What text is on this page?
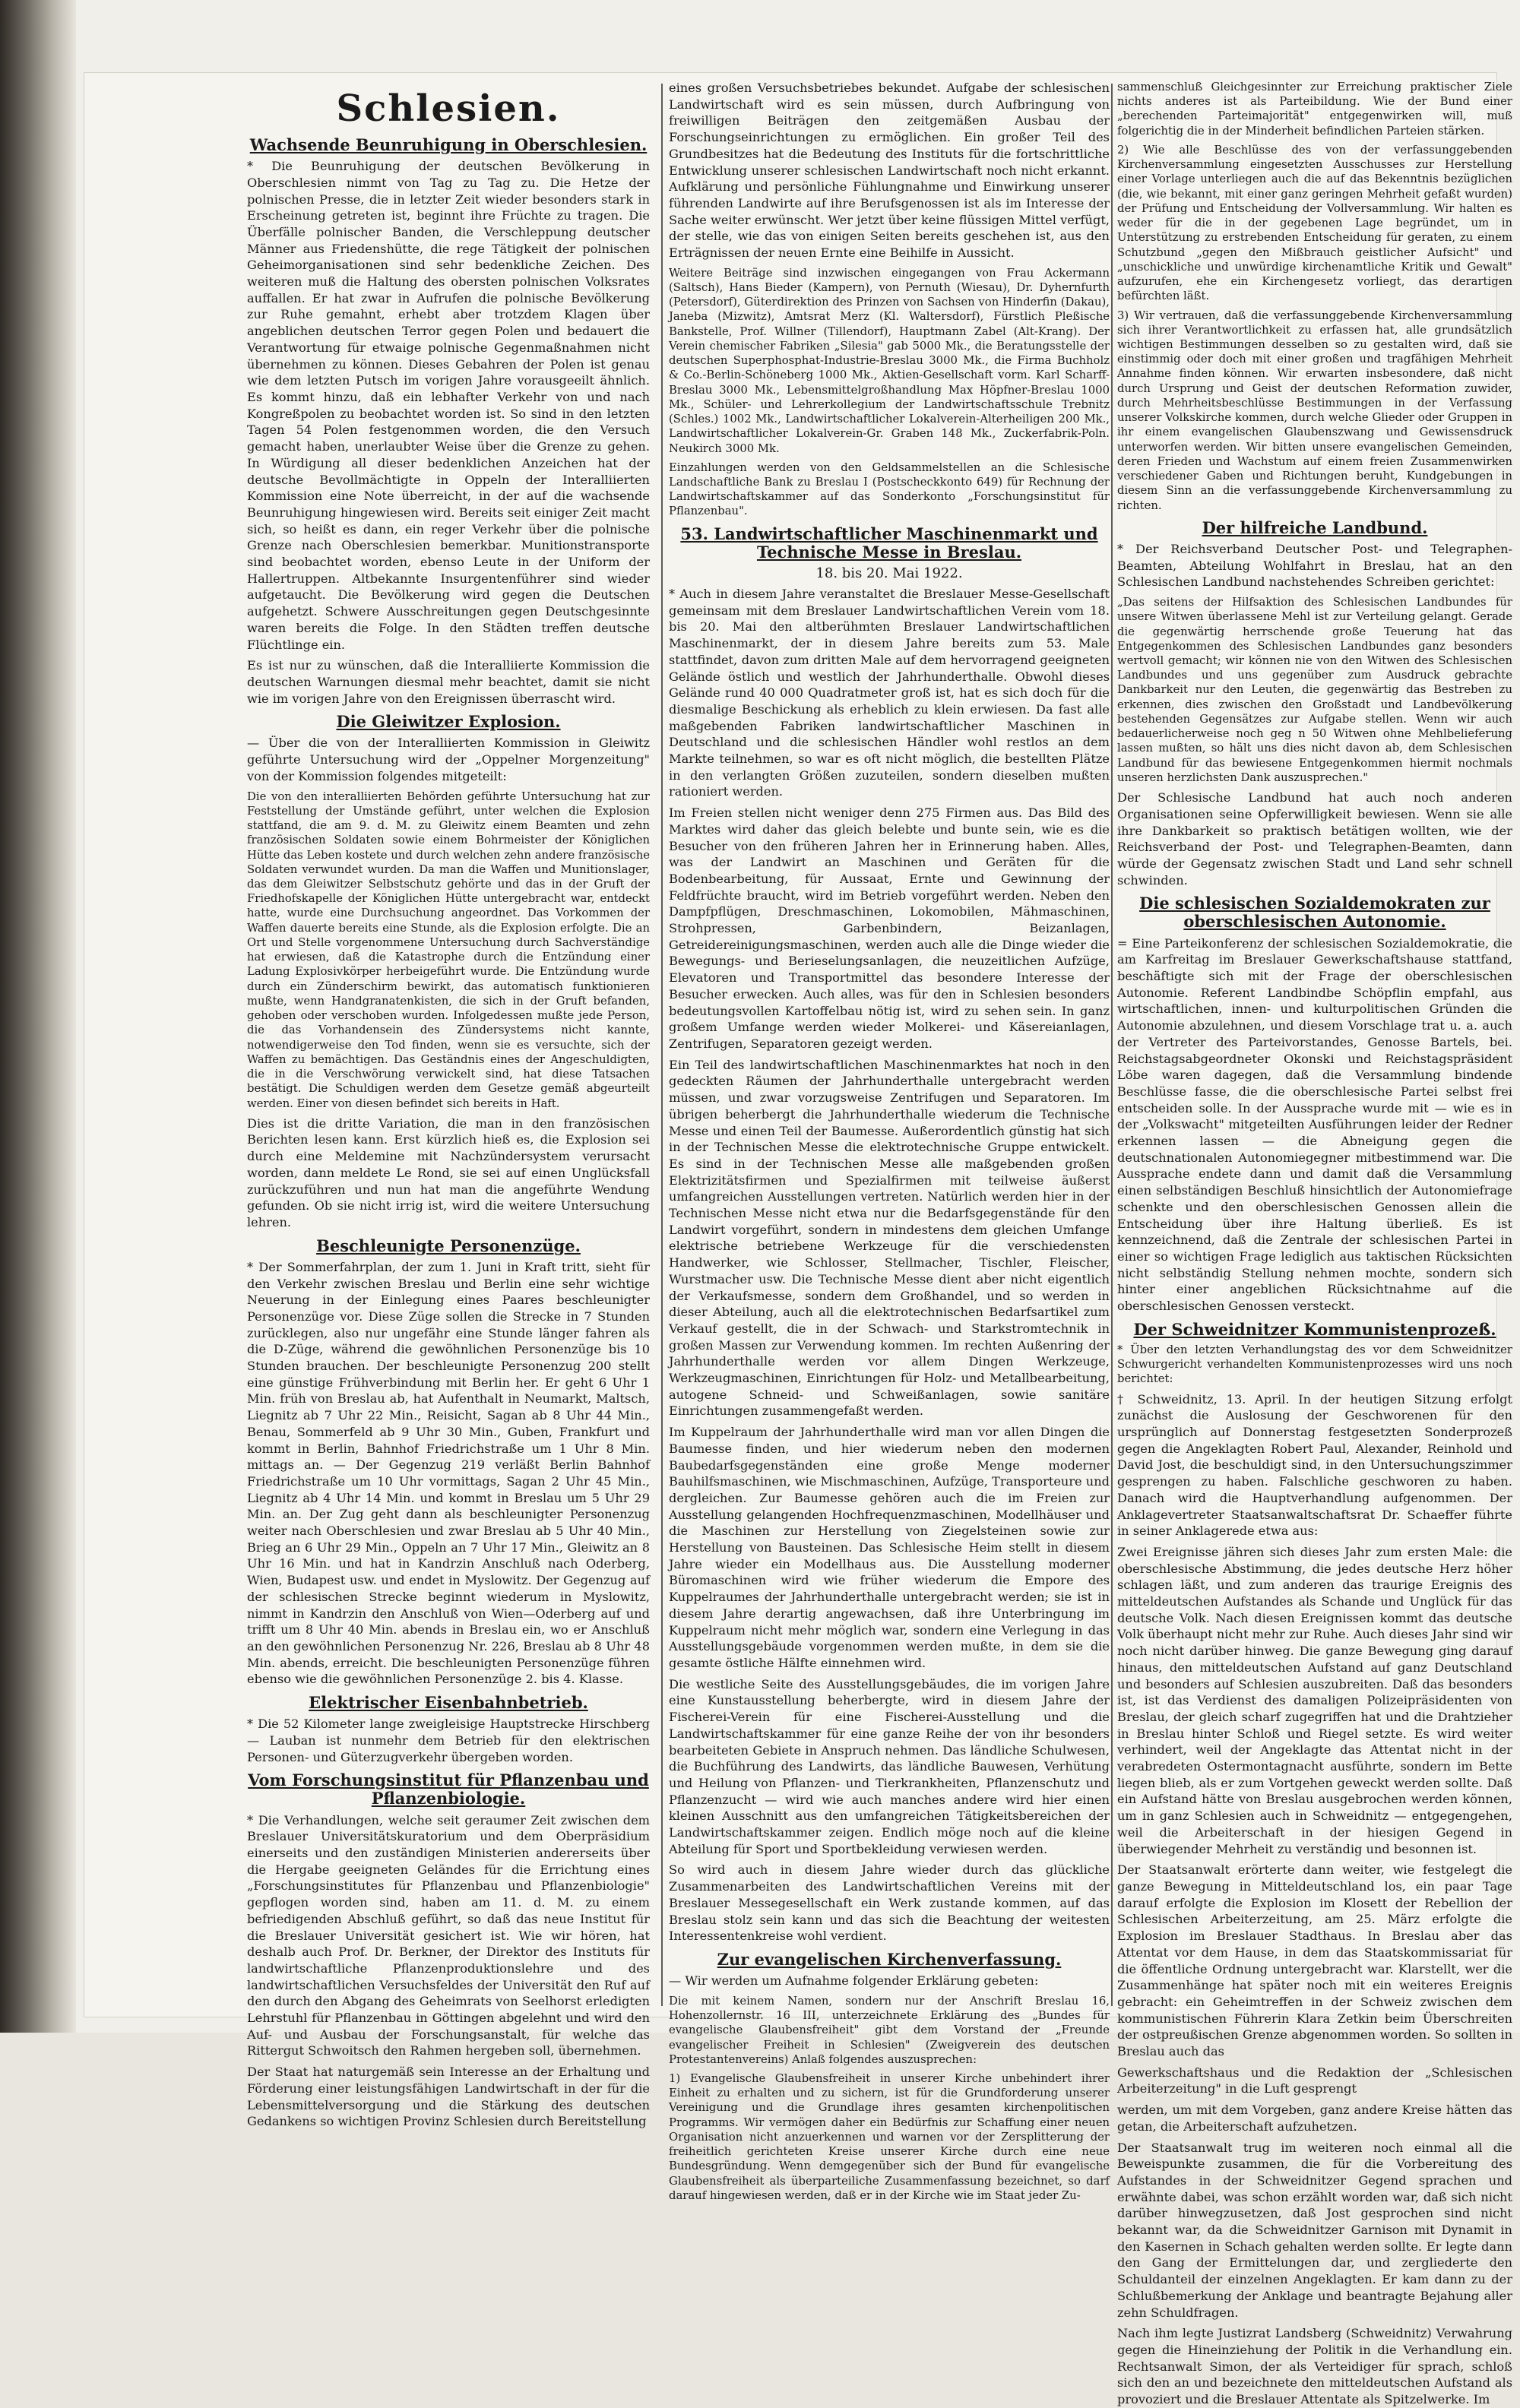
Schlesien.
Wachsende Beunruhigung in Oberschlesien.

* Die Beunruhigung der deutschen Bevölkerung in Oberschlesien nimmt von Tag zu Tag zu. Die Hetze der polnischen Presse, die in letzter Zeit wieder besonders stark in Erscheinung getreten ist, beginnt ihre Früchte zu tragen. Die Überfälle polnischer Banden, die Verschleppung deutscher Männer aus Friedenshütte, die rege Tätigkeit der polnischen Geheimorganisationen sind sehr bedenkliche Zeichen. Des weiteren muß die Haltung des obersten polnischen Volksrates auffallen. Er hat zwar in Aufrufen die polnische Bevölkerung zur Ruhe gemahnt, erhebt aber trotzdem Klagen über angeblichen deutschen Terror gegen Polen und bedauert die Verantwortung für etwaige polnische Gegenmaßnahmen nicht übernehmen zu können. Dieses Gebahren der Polen ist genau wie dem letzten Putsch im vorigen Jahre vorausgeeilt ähnlich. Es kommt hinzu, daß ein lebhafter Verkehr von und nach Kongreßpolen zu beobachtet worden ist. So sind in den letzten Tagen 54 Polen festgenommen worden, die den Versuch gemacht haben, unerlaubter Weise über die Grenze zu gehen. In Würdigung all dieser bedenklichen Anzeichen hat der deutsche Bevollmächtigte in Oppeln der Interalliierten Kommission eine Note überreicht, in der auf die wachsende Beunruhigung hingewiesen wird. Bereits seit einiger Zeit macht sich, so heißt es dann, ein reger Verkehr über die polnische Grenze nach Oberschlesien bemerkbar. Munitionstransporte sind beobachtet worden, ebenso Leute in der Uniform der Hallertruppen. Altbekannte Insurgentenführer sind wieder aufgetaucht. Die Bevölkerung wird gegen die Deutschen aufgehetzt. Schwere Ausschreitungen gegen Deutschgesinnte waren bereits die Folge. In den Städten treffen deutsche Flüchtlinge ein.

Es ist nur zu wünschen, daß die Interalliierte Kommission die deutschen Warnungen diesmal mehr beachtet, damit sie nicht wie im vorigen Jahre von den Ereignissen überrascht wird.

Die Gleiwitzer Explosion.

— Über die von der Interalliierten Kommission in Gleiwitz geführte Untersuchung wird der „Oppelner Morgenzeitung" von der Kommission folgendes mitgeteilt:

Die von den interalliierten Behörden geführte Untersuchung hat zur Feststellung der Umstände geführt, unter welchen die Explosion stattfand, die am 9. d. M. zu Gleiwitz einem Beamten und zehn französischen Soldaten sowie einem Bohrmeister der Königlichen Hütte das Leben kostete und durch welchen zehn andere französische Soldaten verwundet wurden. Da man die Waffen und Munitionslager, das dem Gleiwitzer Selbstschutz gehörte und das in der Gruft der Friedhofskapelle der Königlichen Hütte untergebracht war, entdeckt hatte, wurde eine Durchsuchung angeordnet. Das Vorkommen der Waffen dauerte bereits eine Stunde, als die Explosion erfolgte. Die an Ort und Stelle vorgenommene Untersuchung durch Sachverständige hat erwiesen, daß die Katastrophe durch die Entzündung einer Ladung Explosivkörper herbeigeführt wurde. Die Entzündung wurde durch ein Zünderschirm bewirkt, das automatisch funktionieren mußte, wenn Handgranatenkisten, die sich in der Gruft befanden, gehoben oder verschoben wurden. Infolgedessen mußte jede Person, die das Vorhandensein des Zündersystems nicht kannte, notwendigerweise den Tod finden, wenn sie es versuchte, sich der Waffen zu bemächtigen. Das Geständnis eines der Angeschuldigten, die in die Verschwörung verwickelt sind, hat diese Tatsachen bestätigt. Die Schuldigen werden dem Gesetze gemäß abgeurteilt werden. Einer von diesen befindet sich bereits in Haft.

Dies ist die dritte Variation, die man in den französischen Berichten lesen kann. Erst kürzlich hieß es, die Explosion sei durch eine Meldemine mit Nachzündersystem verursacht worden, dann meldete Le Rond, sie sei auf einen Unglücksfall zurückzuführen und nun hat man die angeführte Wendung gefunden. Ob sie nicht irrig ist, wird die weitere Untersuchung lehren.

Beschleunigte Personenzüge.

* Der Sommerfahrplan, der zum 1. Juni in Kraft tritt, sieht für den Verkehr zwischen Breslau und Berlin eine sehr wichtige Neuerung in der Einlegung eines Paares beschleunigter Personenzüge vor. Diese Züge sollen die Strecke in 7 Stunden zurücklegen, also nur ungefähr eine Stunde länger fahren als die D-Züge, während die gewöhnlichen Personenzüge bis 10 Stunden brauchen. Der beschleunigte Personenzug 200 stellt eine günstige Frühverbindung mit Berlin her. Er geht 6 Uhr 1 Min. früh von Breslau ab, hat Aufenthalt in Neumarkt, Maltsch, Liegnitz ab 7 Uhr 22 Min., Reisicht, Sagan ab 8 Uhr 44 Min., Benau, Sommerfeld ab 9 Uhr 30 Min., Guben, Frankfurt und kommt in Berlin, Bahnhof Friedrichstraße um 1 Uhr 8 Min. mittags an. — Der Gegenzug 219 verläßt Berlin Bahnhof Friedrichstraße um 10 Uhr vormittags, Sagan 2 Uhr 45 Min., Liegnitz ab 4 Uhr 14 Min. und kommt in Breslau um 5 Uhr 29 Min. an. Der Zug geht dann als beschleunigter Personenzug weiter nach Oberschlesien und zwar Breslau ab 5 Uhr 40 Min., Brieg an 6 Uhr 29 Min., Oppeln an 7 Uhr 17 Min., Gleiwitz an 8 Uhr 16 Min. und hat in Kandrzin Anschluß nach Oderberg, Wien, Budapest usw. und endet in Myslowitz. Der Gegenzug auf der schlesischen Strecke beginnt wiederum in Myslowitz, nimmt in Kandrzin den Anschluß von Wien—Oderberg auf und trifft um 8 Uhr 40 Min. abends in Breslau ein, wo er Anschluß an den gewöhnlichen Personenzug Nr. 226, Breslau ab 8 Uhr 48 Min. abends, erreicht. Die beschleunigten Personenzüge führen ebenso wie die gewöhnlichen Personenzüge 2. bis 4. Klasse.

Elektrischer Eisenbahnbetrieb.

* Die 52 Kilometer lange zweigleisige Hauptstrecke Hirschberg — Lauban ist nunmehr dem Betrieb für den elektrischen Personen- und Güterzugverkehr übergeben worden.

Vom Forschungsinstitut für Pflanzenbau und Pflanzenbiologie.

* Die Verhandlungen, welche seit geraumer Zeit zwischen dem Breslauer Universitätskuratorium und dem Oberpräsidium einerseits und den zuständigen Ministerien andererseits über die Hergabe geeigneten Geländes für die Errichtung eines „Forschungsinstitutes für Pflanzenbau und Pflanzenbiologie" gepflogen worden sind, haben am 11. d. M. zu einem befriedigenden Abschluß geführt, so daß das neue Institut für die Breslauer Universität gesichert ist. Wie wir hören, hat deshalb auch Prof. Dr. Berkner, der Direktor des Instituts für landwirtschaftliche Pflanzenproduktionslehre und des landwirtschaftlichen Versuchsfeldes der Universität den Ruf auf den durch den Abgang des Geheimrats von Seelhorst erledigten Lehrstuhl für Pflanzenbau in Göttingen abgelehnt und wird den Auf- und Ausbau der Forschungsanstalt, für welche das Rittergut Schwoitsch den Rahmen hergeben soll, übernehmen.

Der Staat hat naturgemäß sein Interesse an der Erhaltung und Förderung einer leistungsfähigen Landwirtschaft in der für die Lebensmittelversorgung und die Stärkung des deutschen Gedankens so wichtigen Provinz Schlesien durch Bereitstellung

eines großen Versuchsbetriebes bekundet. Aufgabe der schlesischen Landwirtschaft wird es sein müssen, durch Aufbringung von freiwilligen Beiträgen den zeitgemäßen Ausbau der Forschungseinrichtungen zu ermöglichen. Ein großer Teil des Grundbesitzes hat die Bedeutung des Instituts für die fortschrittliche Entwicklung unserer schlesischen Landwirtschaft noch nicht erkannt. Aufklärung und persönliche Fühlungnahme und Einwirkung unserer führenden Landwirte auf ihre Berufsgenossen ist als im Interesse der Sache weiter erwünscht. Wer jetzt über keine flüssigen Mittel verfügt, der stelle, wie das von einigen Seiten bereits geschehen ist, aus den Erträgnissen der neuen Ernte eine Beihilfe in Aussicht.

Weitere Beiträge sind inzwischen eingegangen von Frau Ackermann (Saltsch), Hans Bieder (Kampern), von Pernuth (Wiesau), Dr. Dyhernfurth (Petersdorf), Güterdirektion des Prinzen von Sachsen von Hinderfin (Dakau), Janeba (Mizwitz), Amtsrat Merz (Kl. Waltersdorf), Fürstlich Pleßische Bankstelle, Prof. Willner (Tillendorf), Hauptmann Zabel (Alt-Krang). Der Verein chemischer Fabriken „Silesia" gab 5000 Mk., die Beratungsstelle der deutschen Superphosphat-Industrie-Breslau 3000 Mk., die Firma Buchholz & Co.-Berlin-Schöneberg 1000 Mk., Aktien-Gesellschaft vorm. Karl Scharff-Breslau 3000 Mk., Lebensmittelgroßhandlung Max Höpfner-Breslau 1000 Mk., Schüler- und Lehrerkollegium der Landwirtschaftsschule Trebnitz (Schles.) 1002 Mk., Landwirtschaftlicher Lokalverein-Alterheiligen 200 Mk., Landwirtschaftlicher Lokalverein-Gr. Graben 148 Mk., Zuckerfabrik-Poln. Neukirch 3000 Mk.

Einzahlungen werden von den Geldsammelstellen an die Schlesische Landschaftliche Bank zu Breslau I (Postscheckkonto 649) für Rechnung der Landwirtschaftskammer auf das Sonderkonto „Forschungsinstitut für Pflanzenbau".

53. Landwirtschaftlicher Maschinenmarkt und Technische Messe in Breslau.
18. bis 20. Mai 1922.

* Auch in diesem Jahre veranstaltet die Breslauer Messe-Gesellschaft gemeinsam mit dem Breslauer Landwirtschaftlichen Verein vom 18. bis 20. Mai den altberühmten Breslauer Landwirtschaftlichen Maschinenmarkt, der in diesem Jahre bereits zum 53. Male stattfindet, davon zum dritten Male auf dem hervorragend geeigneten Gelände östlich und westlich der Jahrhunderthalle. Obwohl dieses Gelände rund 40 000 Quadratmeter groß ist, hat es sich doch für die diesmalige Beschickung als erheblich zu klein erwiesen. Da fast alle maßgebenden Fabriken landwirtschaftlicher Maschinen in Deutschland und die schlesischen Händler wohl restlos an dem Markte teilnehmen, so war es oft nicht möglich, die bestellten Plätze in den verlangten Größen zuzuteilen, sondern dieselben mußten rationiert werden.

Im Freien stellen nicht weniger denn 275 Firmen aus. Das Bild des Marktes wird daher das gleich belebte und bunte sein, wie es die Besucher von den früheren Jahren her in Erinnerung haben. Alles, was der Landwirt an Maschinen und Geräten für die Bodenbearbeitung, für Aussaat, Ernte und Gewinnung der Feldfrüchte braucht, wird im Betrieb vorgeführt werden. Neben den Dampfpflügen, Dreschmaschinen, Lokomobilen, Mähmaschinen, Strohpressen, Garbenbindern, Beizanlagen, Getreidereinigungsmaschinen, werden auch alle die Dinge wieder die Bewegungs- und Berieselungsanlagen, die neuzeitlichen Aufzüge, Elevatoren und Transportmittel das besondere Interesse der Besucher erwecken. Auch alles, was für den in Schlesien besonders bedeutungsvollen Kartoffelbau nötig ist, wird zu sehen sein. In ganz großem Umfange werden wieder Molkerei- und Käsereianlagen, Zentrifugen, Separatoren gezeigt werden.

Ein Teil des landwirtschaftlichen Maschinenmarktes hat noch in den gedeckten Räumen der Jahrhunderthalle untergebracht werden müssen, und zwar vorzugsweise Zentrifugen und Separatoren. Im übrigen beherbergt die Jahrhunderthalle wiederum die Technische Messe und einen Teil der Baumesse. Außerordentlich günstig hat sich in der Technischen Messe die elektrotechnische Gruppe entwickelt. Es sind in der Technischen Messe alle maßgebenden großen Elektrizitätsfirmen und Spezialfirmen mit teilweise äußerst umfangreichen Ausstellungen vertreten. Natürlich werden hier in der Technischen Messe nicht etwa nur die Bedarfsgegenstände für den Landwirt vorgeführt, sondern in mindestens dem gleichen Umfange elektrische betriebene Werkzeuge für die verschiedensten Handwerker, wie Schlosser, Stellmacher, Tischler, Fleischer, Wurstmacher usw. Die Technische Messe dient aber nicht eigentlich der Verkaufsmesse, sondern dem Großhandel, und so werden in dieser Abteilung, auch all die elektrotechnischen Bedarfsartikel zum Verkauf gestellt, die in der Schwach- und Starkstromtechnik in großen Massen zur Verwendung kommen. Im rechten Außenring der Jahrhunderthalle werden vor allem Dingen Werkzeuge, Werkzeugmaschinen, Einrichtungen für Holz- und Metallbearbeitung, autogene Schneid- und Schweißanlagen, sowie sanitäre Einrichtungen zusammengefaßt werden.

Im Kuppelraum der Jahrhunderthalle wird man vor allen Dingen die Baumesse finden, und hier wiederum neben den modernen Baubedarfsgegenständen eine große Menge moderner Bauhilfsmaschinen, wie Mischmaschinen, Aufzüge, Transporteure und dergleichen. Zur Baumesse gehören auch die im Freien zur Ausstellung gelangenden Hochfrequenzmaschinen, Modellhäuser und die Maschinen zur Herstellung von Ziegelsteinen sowie zur Herstellung von Bausteinen. Das Schlesische Heim stellt in diesem Jahre wieder ein Modellhaus aus. Die Ausstellung moderner Büromaschinen wird wie früher wiederum die Empore des Kuppelraumes der Jahrhunderthalle untergebracht werden; sie ist in diesem Jahre derartig angewachsen, daß ihre Unterbringung im Kuppelraum nicht mehr möglich war, sondern eine Verlegung in das Ausstellungsgebäude vorgenommen werden mußte, in dem sie die gesamte östliche Hälfte einnehmen wird.

Die westliche Seite des Ausstellungsgebäudes, die im vorigen Jahre eine Kunstausstellung beherbergte, wird in diesem Jahre der Fischerei-Verein für eine Fischerei-Ausstellung und die Landwirtschaftskammer für eine ganze Reihe der von ihr besonders bearbeiteten Gebiete in Anspruch nehmen. Das ländliche Schulwesen, die Buchführung des Landwirts, das ländliche Bauwesen, Verhütung und Heilung von Pflanzen- und Tierkrankheiten, Pflanzenschutz und Pflanzenzucht — wird wie auch manches andere wird hier einen kleinen Ausschnitt aus den umfangreichen Tätigkeitsbereichen der Landwirtschaftskammer zeigen. Endlich möge noch auf die kleine Abteilung für Sport und Sportbekleidung verwiesen werden.

So wird auch in diesem Jahre wieder durch das glückliche Zusammenarbeiten des Landwirtschaftlichen Vereins mit der Breslauer Messegesellschaft ein Werk zustande kommen, auf das Breslau stolz sein kann und das sich die Beachtung der weitesten Interessentenkreise wohl verdient.

Zur evangelischen Kirchenverfassung.

— Wir werden um Aufnahme folgender Erklärung gebeten:

Die mit keinem Namen, sondern nur der Anschrift Breslau 16, Hohenzollernstr. 16 III, unterzeichnete Erklärung des „Bundes für evangelische Glaubensfreiheit" gibt dem Vorstand der „Freunde evangelischer Freiheit in Schlesien" (Zweigverein des deutschen Protestantenvereins) Anlaß folgendes auszusprechen:

1) Evangelische Glaubensfreiheit in unserer Kirche unbehindert ihrer Einheit zu erhalten und zu sichern, ist für die Grundforderung unserer Vereinigung und die Grundlage ihres gesamten kirchenpolitischen Programms. Wir vermögen daher ein Bedürfnis zur Schaffung einer neuen Organisation nicht anzuerkennen und warnen vor der Zersplitterung der freiheitlich gerichteten Kreise unserer Kirche durch eine neue Bundesgründung. Wenn demgegenüber sich der Bund für evangelische Glaubensfreiheit als überparteiliche Zusammenfassung bezeichnet, so darf darauf hingewiesen werden, daß er in der Kirche wie im Staat jeder Zu-

sammenschluß Gleichgesinnter zur Erreichung praktischer Ziele nichts anderes ist als Parteibildung. Wie der Bund einer „berechenden Parteimajorität" entgegenwirken will, muß folgerichtig die in der Minderheit befindlichen Parteien stärken.

2) Wie alle Beschlüsse des von der verfassunggebenden Kirchenversammlung eingesetzten Ausschusses zur Herstellung einer Vorlage unterliegen auch die auf das Bekenntnis bezüglichen (die, wie bekannt, mit einer ganz geringen Mehrheit gefaßt wurden) der Prüfung und Entscheidung der Vollversammlung. Wir halten es weder für die in der gegebenen Lage begründet, um in Unterstützung zu erstrebenden Entscheidung für geraten, zu einem Schutzbund „gegen den Mißbrauch geistlicher Aufsicht" und „unschickliche und unwürdige kirchenamtliche Kritik und Gewalt" aufzurufen, ehe ein Kirchengesetz vorliegt, das derartigen befürchten läßt.

3) Wir vertrauen, daß die verfassunggebende Kirchenversammlung sich ihrer Verantwortlichkeit zu erfassen hat, alle grundsätzlich wichtigen Bestimmungen desselben so zu gestalten wird, daß sie einstimmig oder doch mit einer großen und tragfähigen Mehrheit Annahme finden können. Wir erwarten insbesondere, daß nicht durch Ursprung und Geist der deutschen Reformation zuwider, durch Mehrheitsbeschlüsse Bestimmungen in der Verfassung unserer Volkskirche kommen, durch welche Glieder oder Gruppen in ihr einem evangelischen Glaubenszwang und Gewissensdruck unterworfen werden. Wir bitten unsere evangelischen Gemeinden, deren Frieden und Wachstum auf einem freien Zusammenwirken verschiedener Gaben und Richtungen beruht, Kundgebungen in diesem Sinn an die verfassunggebende Kirchenversammlung zu richten.

Der hilfreiche Landbund.

* Der Reichsverband Deutscher Post- und Telegraphen-Beamten, Abteilung Wohlfahrt in Breslau, hat an den Schlesischen Landbund nachstehendes Schreiben gerichtet:

„Das seitens der Hilfsaktion des Schlesischen Landbundes für unsere Witwen überlassene Mehl ist zur Verteilung gelangt. Gerade die gegenwärtig herrschende große Teuerung hat das Entgegenkommen des Schlesischen Landbundes ganz besonders wertvoll gemacht; wir können nie von den Witwen des Schlesischen Landbundes und uns gegenüber zum Ausdruck gebrachte Dankbarkeit nur den Leuten, die gegenwärtig das Bestreben zu erkennen, dies zwischen den Großstadt und Landbevölkerung bestehenden Gegensätzes zur Aufgabe stellen. Wenn wir auch bedauerlicherweise noch geg n 50 Witwen ohne Mehlbelieferung lassen mußten, so hält uns dies nicht davon ab, dem Schlesischen Landbund für das bewiesene Entgegenkommen hiermit nochmals unseren herzlichsten Dank auszusprechen."

Der Schlesische Landbund hat auch noch anderen Organisationen seine Opferwilligkeit bewiesen. Wenn sie alle ihre Dankbarkeit so praktisch betätigen wollten, wie der Reichsverband der Post- und Telegraphen-Beamten, dann würde der Gegensatz zwischen Stadt und Land sehr schnell schwinden.

Die schlesischen Sozialdemokraten zur oberschlesischen Autonomie.

= Eine Parteikonferenz der schlesischen Sozialdemokratie, die am Karfreitag im Breslauer Gewerkschaftshause stattfand, beschäftigte sich mit der Frage der oberschlesischen Autonomie. Referent Landbindbe Schöpflin empfahl, aus wirtschaftlichen, innen- und kulturpolitischen Gründen die Autonomie abzulehnen, und diesem Vorschlage trat u. a. auch der Vertreter des Parteivorstandes, Genosse Bartels, bei. Reichstagsabgeordneter Okonski und Reichstagspräsident Löbe waren dagegen, daß die Versammlung bindende Beschlüsse fasse, die die oberschlesische Partei selbst frei entscheiden solle. In der Aussprache wurde mit — wie es in der „Volkswacht" mitgeteilten Ausführungen leider der Redner erkennen lassen — die Abneigung gegen die deutschnationalen Autonomiegegner mitbestimmend war. Die Aussprache endete dann und damit daß die Versammlung einen selbständigen Beschluß hinsichtlich der Autonomiefrage schenkte und den oberschlesischen Genossen allein die Entscheidung über ihre Haltung überließ. Es ist kennzeichnend, daß die Zentrale der schlesischen Partei in einer so wichtigen Frage lediglich aus taktischen Rücksichten nicht selbständig Stellung nehmen mochte, sondern sich hinter einer angeblichen Rücksichtnahme auf die oberschlesischen Genossen versteckt.

Der Schweidnitzer Kommunistenprozeß.

* Über den letzten Verhandlungstag des vor dem Schweidnitzer Schwurgericht verhandelten Kommunistenprozesses wird uns noch berichtet:

† Schweidnitz, 13. April. In der heutigen Sitzung erfolgt zunächst die Auslosung der Geschworenen für den ursprünglich auf Donnerstag festgesetzten Sonderprozeß gegen die Angeklagten Robert Paul, Alexander, Reinhold und David Jost, die beschuldigt sind, in den Untersuchungszimmer gesprengen zu haben. Falschliche geschworen zu haben. Danach wird die Hauptverhandlung aufgenommen. Der Anklagevertreter Staatsanwaltschaftsrat Dr. Schaeffer führte in seiner Anklagerede etwa aus:

Zwei Ereignisse jähren sich dieses Jahr zum ersten Male: die oberschlesische Abstimmung, die jedes deutsche Herz höher schlagen läßt, und zum anderen das traurige Ereignis des mitteldeutschen Aufstandes als Schande und Unglück für das deutsche Volk. Nach diesen Ereignissen kommt das deutsche Volk überhaupt nicht mehr zur Ruhe. Auch dieses Jahr sind wir noch nicht darüber hinweg. Die ganze Bewegung ging darauf hinaus, den mitteldeutschen Aufstand auf ganz Deutschland und besonders auf Schlesien auszubreiten. Daß das besonders ist, ist das Verdienst des damaligen Polizeipräsidenten von Breslau, der gleich scharf zugegriffen hat und die Drahtzieher in Breslau hinter Schloß und Riegel setzte. Es wird weiter verhindert, weil der Angeklagte das Attentat nicht in der verabredeten Ostermontagnacht ausführte, sondern im Bette liegen blieb, als er zum Vortgehen geweckt werden sollte. Daß ein Aufstand hätte von Breslau ausgebrochen werden können, um in ganz Schlesien auch in Schweidnitz — entgegengehen, weil die Arbeiterschaft in der hiesigen Gegend in überwiegender Mehrheit zu verständig und besonnen ist.

Der Staatsanwalt erörterte dann weiter, wie festgelegt die ganze Bewegung in Mitteldeutschland los, ein paar Tage darauf erfolgte die Explosion im Klosett der Rebellion der Schlesischen Arbeiterzeitung, am 25. März erfolgte die Explosion im Breslauer Stadthaus. In Breslau aber das Attentat vor dem Hause, in dem das Staatskommissariat für die öffentliche Ordnung untergebracht war. Klarstellt, wer die Zusammenhänge hat später noch mit ein weiteres Ereignis gebracht: ein Geheimtreffen in der Schweiz zwischen dem kommunistischen Führerin Klara Zetkin beim Überschreiten der ostpreußischen Grenze abgenommen worden. So sollten in Breslau auch das

Gewerkschaftshaus und die Redaktion der „Schlesischen Arbeiterzeitung" in die Luft gesprengt

werden, um mit dem Vorgeben, ganz andere Kreise hätten das getan, die Arbeiterschaft aufzuhetzen.

Der Staatsanwalt trug im weiteren noch einmal all die Beweispunkte zusammen, die für die Vorbereitung des Aufstandes in der Schweidnitzer Gegend sprachen und erwähnte dabei, was schon erzählt worden war, daß sich nicht darüber hinwegzusetzen, daß Jost gesprochen sind nicht bekannt war, da die Schweidnitzer Garnison mit Dynamit in den Kasernen in Schach gehalten werden sollte. Er legte dann den Gang der Ermittelungen dar, und zergliederte den Schuldanteil der einzelnen Angeklagten. Er kam dann zu der Schlußbemerkung der Anklage und beantragte Bejahung aller zehn Schuldfragen.

Nach ihm legte Justizrat Landsberg (Schweidnitz) Verwahrung gegen die Hineinziehung der Politik in die Verhandlung ein. Rechtsanwalt Simon, der als Verteidiger für sprach, schloß sich den an und bezeichnete den mitteldeutschen Aufstand als provoziert und die Breslauer Attentate als Spitzelwerke. Im
